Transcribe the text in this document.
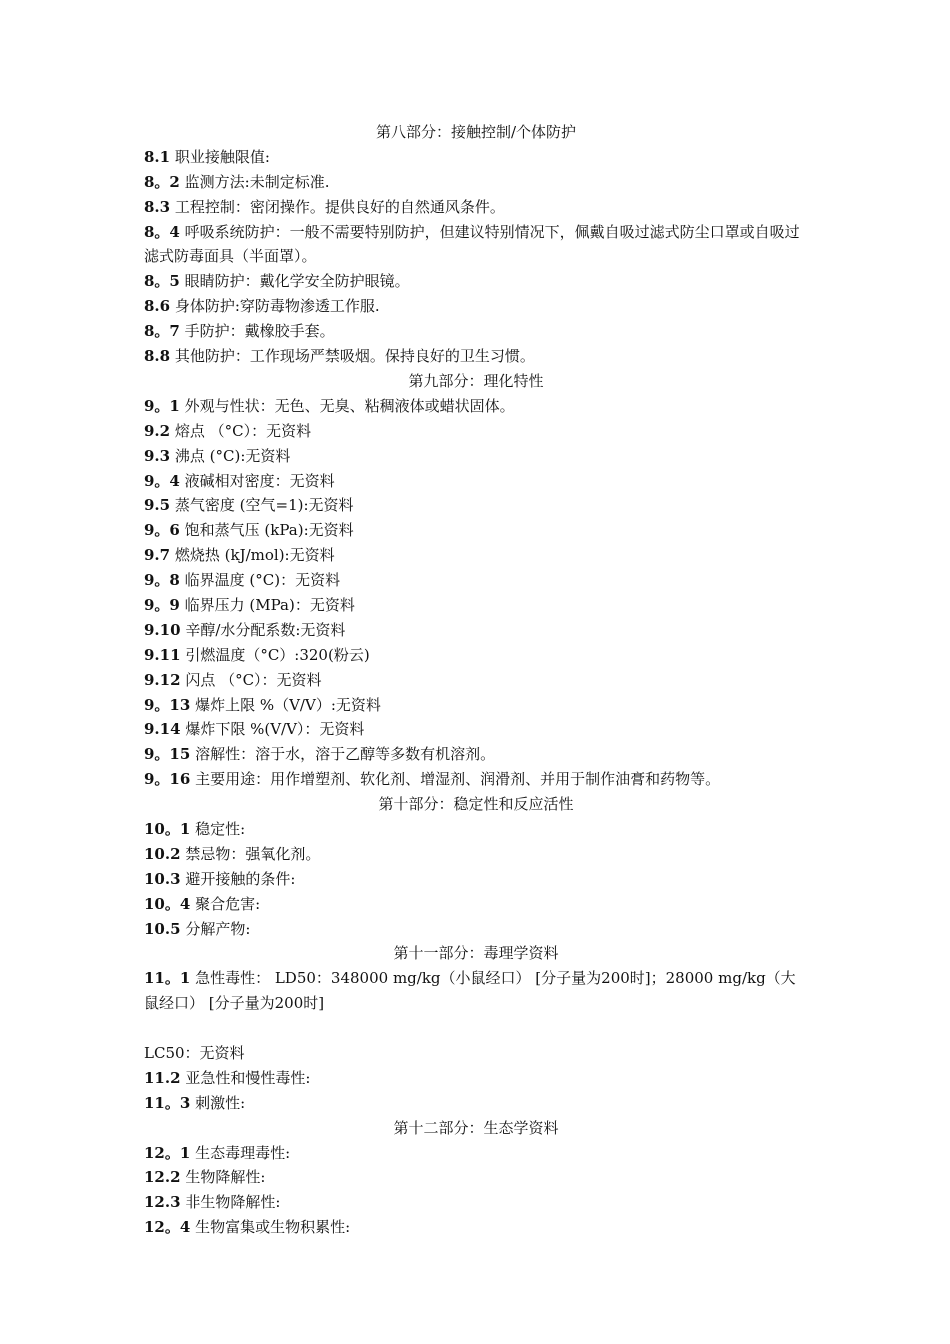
第八部分：接触控制/个体防护
8.1 职业接触限值:
8。2 监测方法:未制定标准.
8.3 工程控制：密闭操作。提供良好的自然通风条件。
8。4 呼吸系统防护：一般不需要特别防护，但建议特别情况下，佩戴自吸过滤式防尘口罩或自吸过滤式防毒面具（半面罩）。
8。5 眼睛防护：戴化学安全防护眼镜。
8.6 身体防护:穿防毒物渗透工作服.
8。7 手防护：戴橡胶手套。
8.8 其他防护：工作现场严禁吸烟。保持良好的卫生习惯。
第九部分：理化特性
9。1 外观与性状：无色、无臭、粘稠液体或蜡状固体。
9.2 熔点 （°C）：无资料
9.3 沸点 (°C):无资料
9。4 液碱相对密度：无资料
9.5 蒸气密度 (空气=1):无资料
9。6 饱和蒸气压 (kPa):无资料
9.7 燃烧热 (kJ/mol):无资料
9。8 临界温度 (°C)：无资料
9。9 临界压力 (MPa)：无资料
9.10 辛醇/水分配系数:无资料
9.11 引燃温度（°C）:320(粉云)
9.12 闪点 （°C）：无资料
9。13 爆炸上限 %（V/V）:无资料
9.14 爆炸下限 %(V/V）：无资料
9。15 溶解性：溶于水，溶于乙醇等多数有机溶剂。
9。16 主要用途：用作增塑剂、软化剂、增湿剂、润滑剂、并用于制作油膏和药物等。
第十部分：稳定性和反应活性
10。1 稳定性:
10.2 禁忌物：强氧化剂。
10.3 避开接触的条件:
10。4 聚合危害:
10.5 分解产物:
第十一部分：毒理学资料
11。1 急性毒性： LD50：348000 mg/kg（小鼠经口） [分子量为200时]；28000 mg/kg（大鼠经口） [分子量为200时]
LC50：无资料
11.2 亚急性和慢性毒性:
11。3 刺激性:
第十二部分：生态学资料
12。1 生态毒理毒性:
12.2 生物降解性:
12.3 非生物降解性:
12。4 生物富集或生物积累性:
